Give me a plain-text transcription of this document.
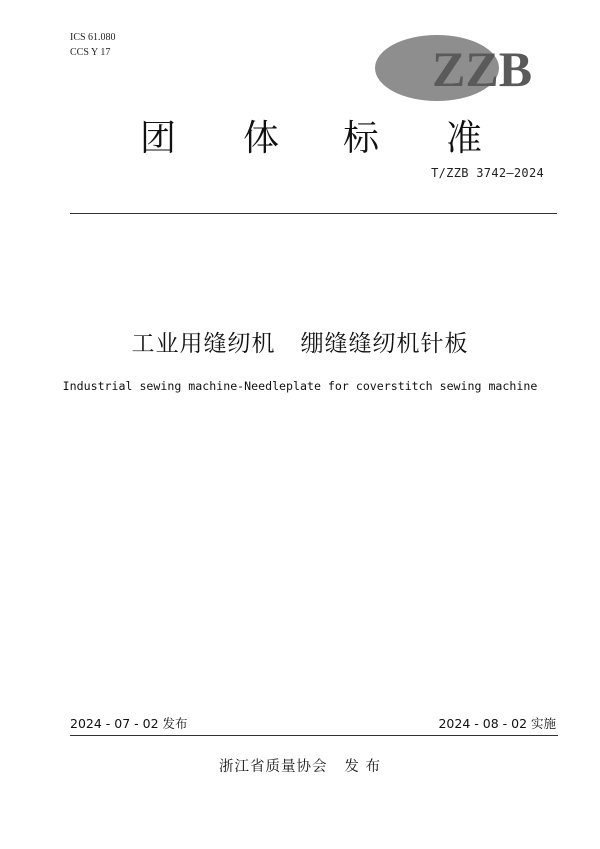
ICS 61.080
CCS Y 17	ZZB
团 体 标 准
T/ZZB 3742—2024
工业用缝纫机   绷缝缝纫机针板
Industrial sewing machine-Needleplate for coverstitch sewing machine
2024 - 07 - 02 发布	2024 - 08 - 02 实施
浙江省质量协会   发 布
